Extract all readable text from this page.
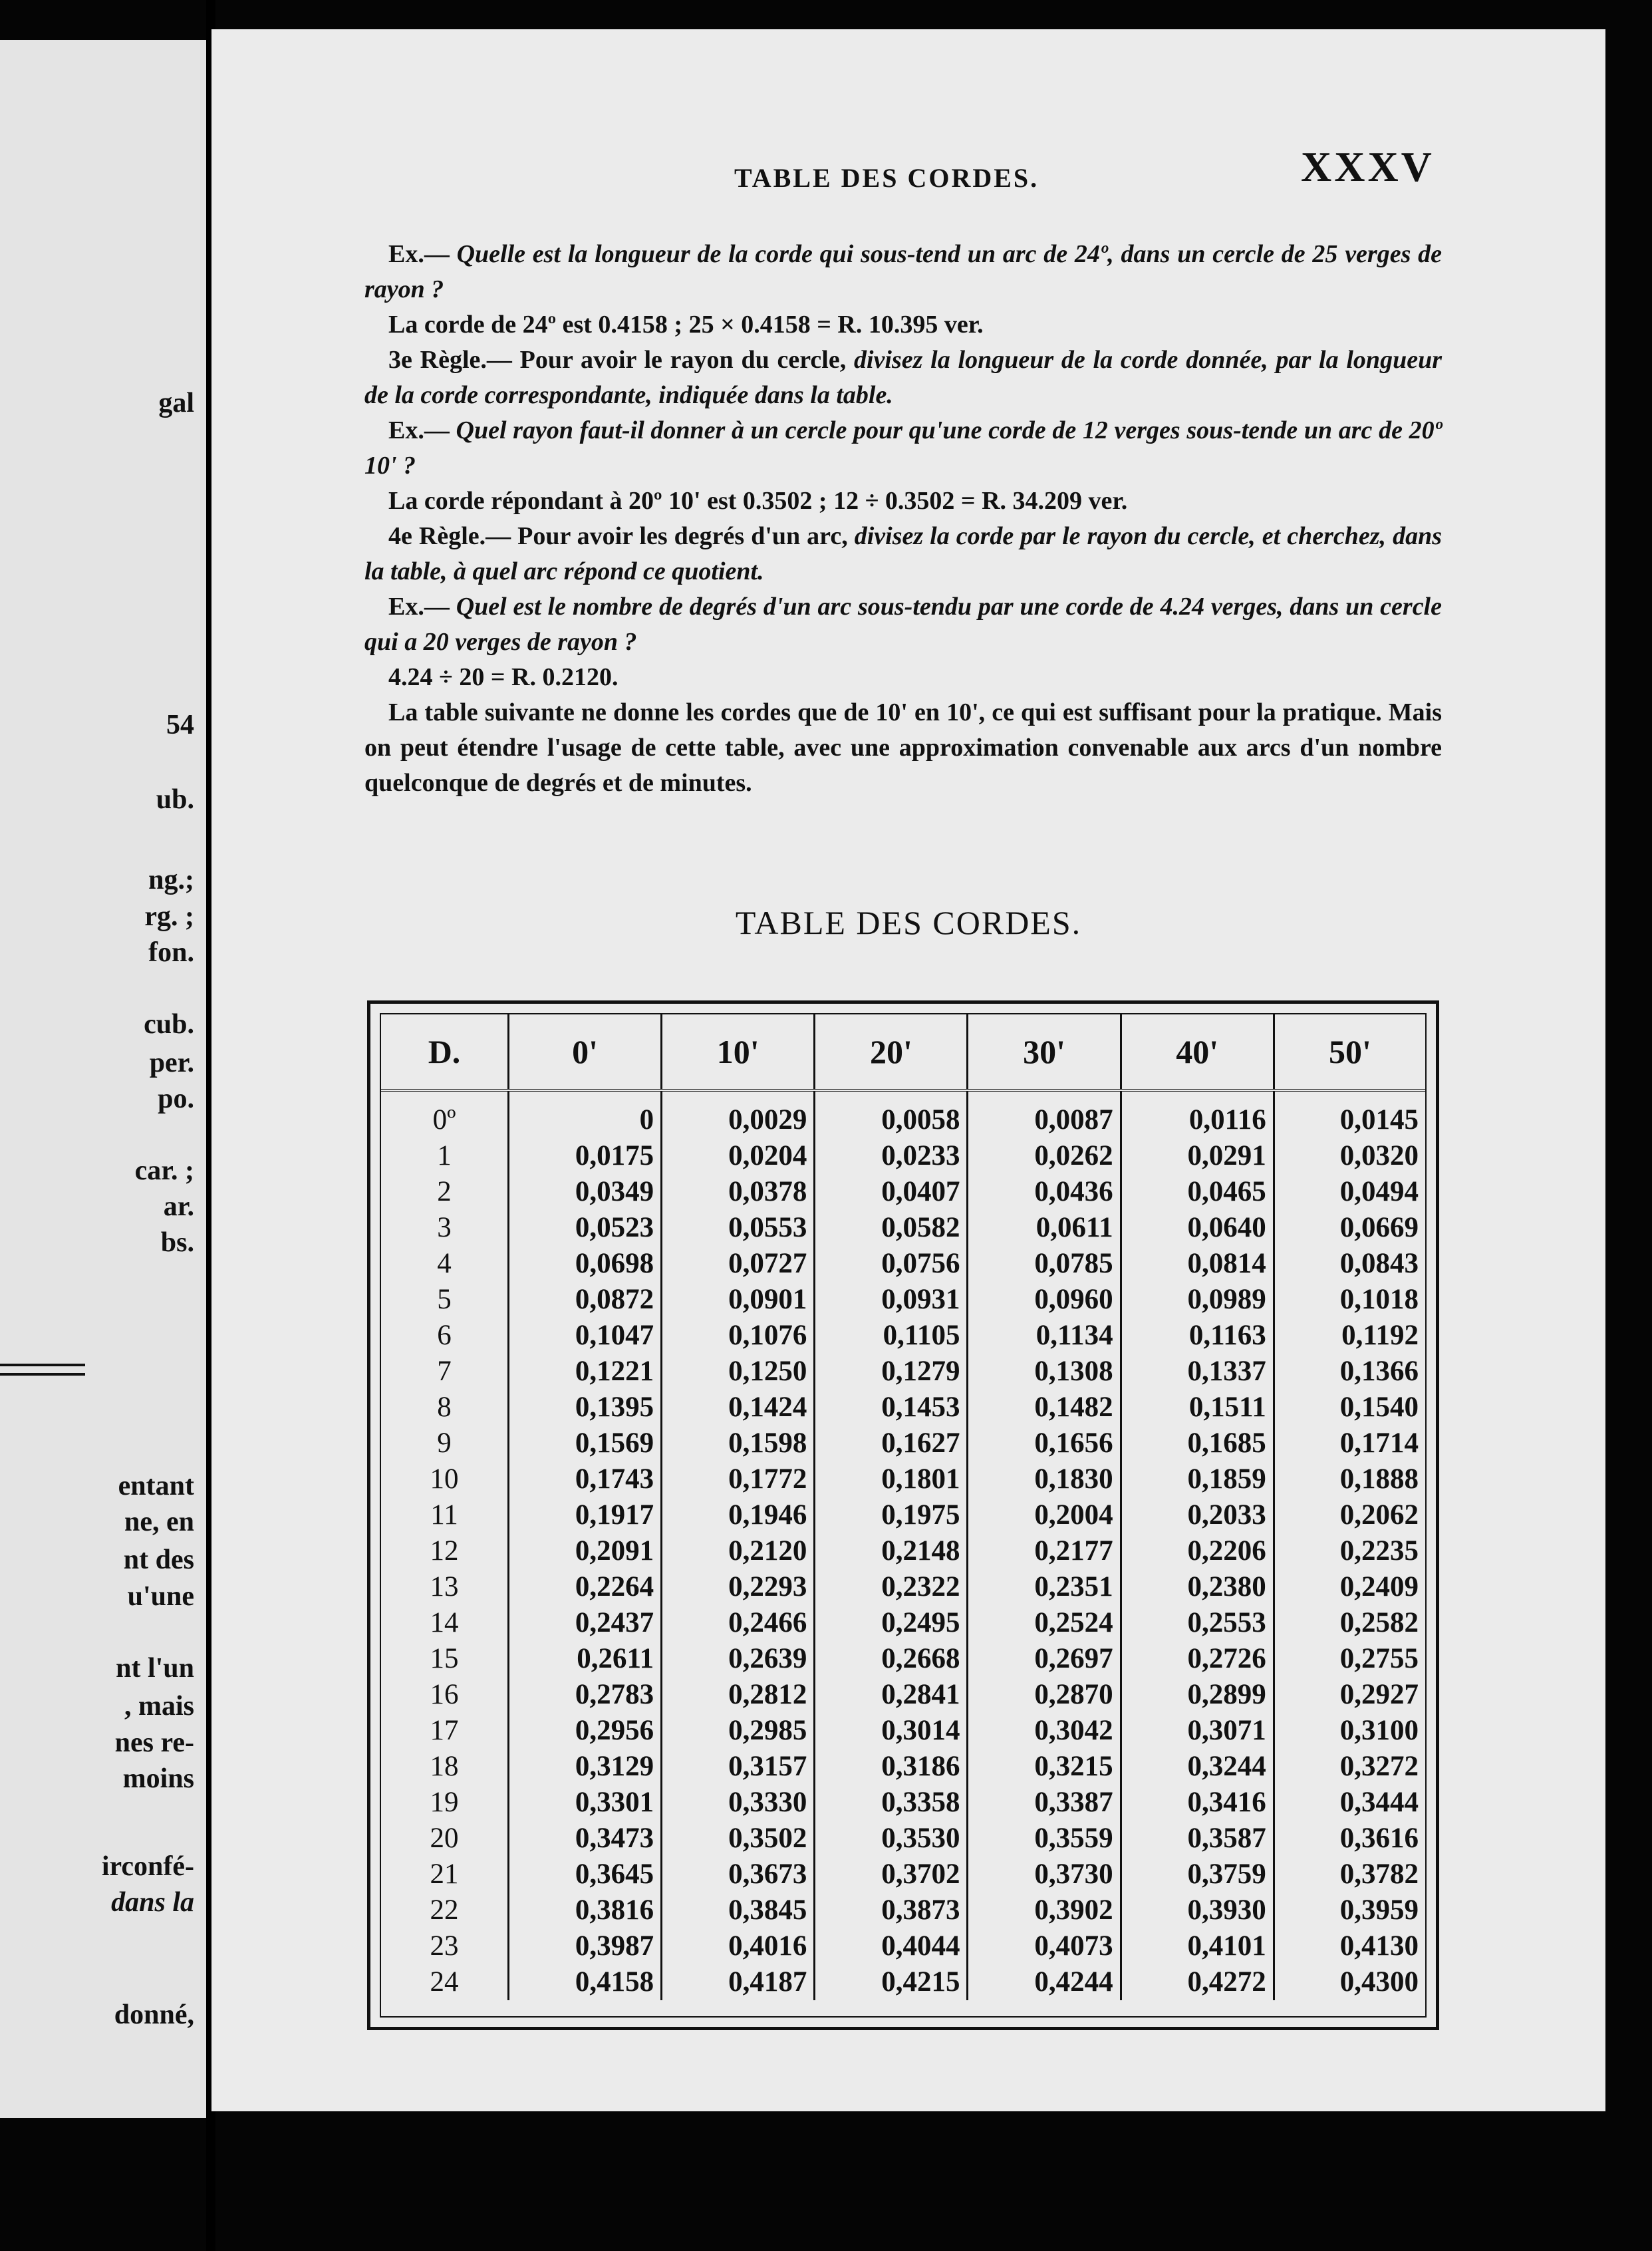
gal
54
ub.
ng.;
rg. ;
fon.
cub.
per.
po.
car. ;
ar.
bs.
entant
ne, en
nt des
u'une
nt l'un
, mais
nes re-
moins
irconfé-
dans la
donné,
TABLE DES CORDES.	XXXV

Ex.— Quelle est la longueur de la corde qui sous-tend un arc de 24º, dans un cercle de 25 verges de rayon ?

La corde de 24º est 0.4158 ; 25 × 0.4158 = R. 10.395 ver.

3e Règle.— Pour avoir le rayon du cercle, divisez la longueur de la corde donnée, par la longueur de la corde correspondante, indiquée dans la table.

Ex.— Quel rayon faut-il donner à un cercle pour qu'une corde de 12 verges sous-tende un arc de 20º 10' ?

La corde répondant à 20º 10' est 0.3502 ; 12 ÷ 0.3502 = R. 34.209 ver.

4e Règle.— Pour avoir les degrés d'un arc, divisez la corde par le rayon du cercle, et cherchez, dans la table, à quel arc répond ce quotient.

Ex.— Quel est le nombre de degrés d'un arc sous-tendu par une corde de 4.24 verges, dans un cercle qui a 20 verges de rayon ?

4.24 ÷ 20 = R. 0.2120.

La table suivante ne donne les cordes que de 10' en 10', ce qui est suffisant pour la pratique. Mais on peut étendre l'usage de cette table, avec une approximation convenable aux arcs d'un nombre quelconque de degrés et de minutes.

TABLE DES CORDES.
D.	0'	10'	20'	30'	40'	50'
0º	0	0,0029	0,0058	0,0087	0,0116	0,0145
1	0,0175	0,0204	0,0233	0,0262	0,0291	0,0320
2	0,0349	0,0378	0,0407	0,0436	0,0465	0,0494
3	0,0523	0,0553	0,0582	0,0611	0,0640	0,0669
4	0,0698	0,0727	0,0756	0,0785	0,0814	0,0843
5	0,0872	0,0901	0,0931	0,0960	0,0989	0,1018
6	0,1047	0,1076	0,1105	0,1134	0,1163	0,1192
7	0,1221	0,1250	0,1279	0,1308	0,1337	0,1366
8	0,1395	0,1424	0,1453	0,1482	0,1511	0,1540
9	0,1569	0,1598	0,1627	0,1656	0,1685	0,1714
10	0,1743	0,1772	0,1801	0,1830	0,1859	0,1888
11	0,1917	0,1946	0,1975	0,2004	0,2033	0,2062
12	0,2091	0,2120	0,2148	0,2177	0,2206	0,2235
13	0,2264	0,2293	0,2322	0,2351	0,2380	0,2409
14	0,2437	0,2466	0,2495	0,2524	0,2553	0,2582
15	0,2611	0,2639	0,2668	0,2697	0,2726	0,2755
16	0,2783	0,2812	0,2841	0,2870	0,2899	0,2927
17	0,2956	0,2985	0,3014	0,3042	0,3071	0,3100
18	0,3129	0,3157	0,3186	0,3215	0,3244	0,3272
19	0,3301	0,3330	0,3358	0,3387	0,3416	0,3444
20	0,3473	0,3502	0,3530	0,3559	0,3587	0,3616
21	0,3645	0,3673	0,3702	0,3730	0,3759	0,3782
22	0,3816	0,3845	0,3873	0,3902	0,3930	0,3959
23	0,3987	0,4016	0,4044	0,4073	0,4101	0,4130
24	0,4158	0,4187	0,4215	0,4244	0,4272	0,4300
